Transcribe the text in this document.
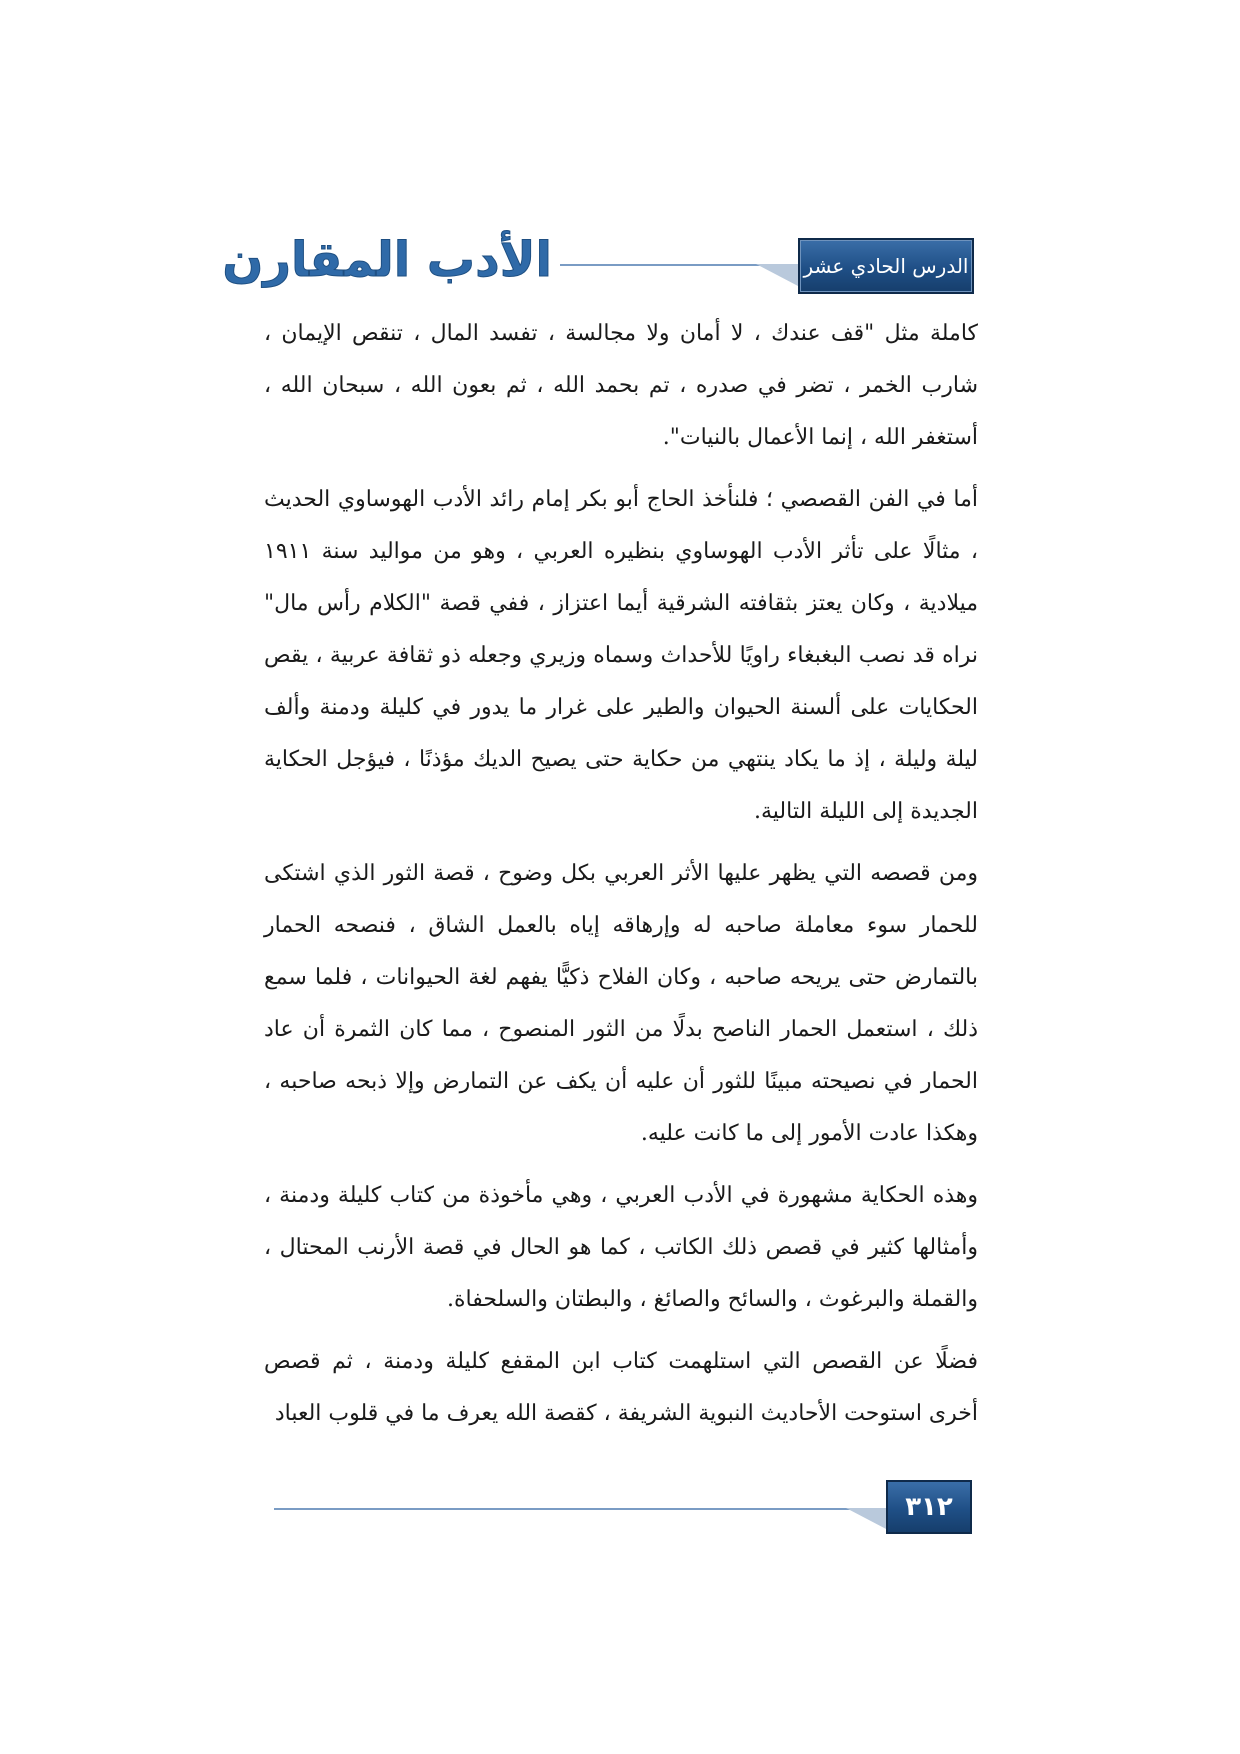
الأدب المقارن	الدرس الحادي عشر

كاملة مثل "قف عندك ، لا أمان ولا مجالسة ، تفسد المال ، تنقص الإيمان ، شارب الخمر ، تضر في صدره ، تم بحمد الله ، ثم بعون الله ، سبحان الله ، أستغفر الله ، إنما الأعمال بالنيات".

أما في الفن القصصي ؛ فلنأخذ الحاج أبو بكر إمام رائد الأدب الهوساوي الحديث ، مثالًا على تأثر الأدب الهوساوي بنظيره العربي ، وهو من مواليد سنة ١٩١١ ميلادية ، وكان يعتز بثقافته الشرقية أيما اعتزاز ، ففي قصة "الكلام رأس مال" نراه قد نصب البغبغاء راويًا للأحداث وسماه وزيري وجعله ذو ثقافة عربية ، يقص الحكايات على ألسنة الحيوان والطير على غرار ما يدور في كليلة ودمنة وألف ليلة وليلة ، إذ ما يكاد ينتهي من حكاية حتى يصيح الديك مؤذنًا ، فيؤجل الحكاية الجديدة إلى الليلة التالية.

ومن قصصه التي يظهر عليها الأثر العربي بكل وضوح ، قصة الثور الذي اشتكى للحمار سوء معاملة صاحبه له وإرهاقه إياه بالعمل الشاق ، فنصحه الحمار بالتمارض حتى يريحه صاحبه ، وكان الفلاح ذكيًّا يفهم لغة الحيوانات ، فلما سمع ذلك ، استعمل الحمار الناصح بدلًا من الثور المنصوح ، مما كان الثمرة أن عاد الحمار في نصيحته مبينًا للثور أن عليه أن يكف عن التمارض وإلا ذبحه صاحبه ، وهكذا عادت الأمور إلى ما كانت عليه.

وهذه الحكاية مشهورة في الأدب العربي ، وهي مأخوذة من كتاب كليلة ودمنة ، وأمثالها كثير في قصص ذلك الكاتب ، كما هو الحال في قصة الأرنب المحتال ، والقملة والبرغوث ، والسائح والصائغ ، والبطتان والسلحفاة.

فضلًا عن القصص التي استلهمت كتاب ابن المقفع كليلة ودمنة ، ثم قصص أخرى استوحت الأحاديث النبوية الشريفة ، كقصة الله يعرف ما في قلوب العباد

٣١٢
